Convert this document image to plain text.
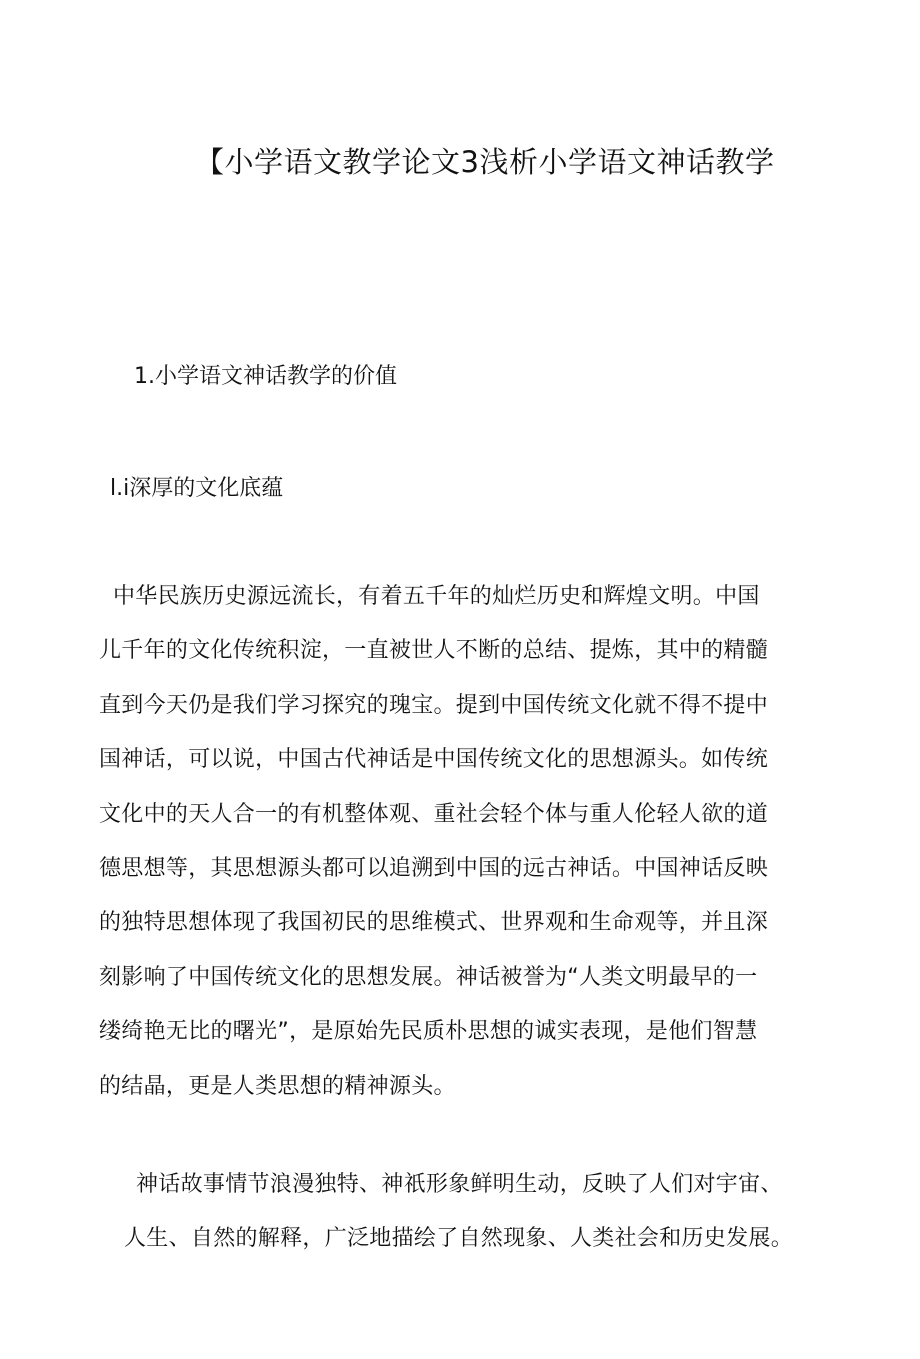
【小学语文教学论文3浅析小学语文神话教学
1.小学语文神话教学的价值
l.i深厚的文化底蕴
中华民族历史源远流长，有着五千年的灿烂历史和辉煌文明。中国
儿千年的文化传统积淀，一直被世人不断的总结、提炼，其中的精髓
直到今天仍是我们学习探究的瑰宝。提到中国传统文化就不得不提中
国神话，可以说，中国古代神话是中国传统文化的思想源头。如传统
文化中的天人合一的有机整体观、重社会轻个体与重人伦轻人欲的道
德思想等，其思想源头都可以追溯到中国的远古神话。中国神话反映
的独特思想体现了我国初民的思维模式、世界观和生命观等，并且深
刻影响了中国传统文化的思想发展。神话被誉为“人类文明最早的一
缕绮艳无比的曙光”，是原始先民质朴思想的诚实表现，是他们智慧
的结晶，更是人类思想的精神源头。
神话故事情节浪漫独特、神祇形象鲜明生动，反映了人们对宇宙、
人生、自然的解释，广泛地描绘了自然现象、人类社会和历史发展。
